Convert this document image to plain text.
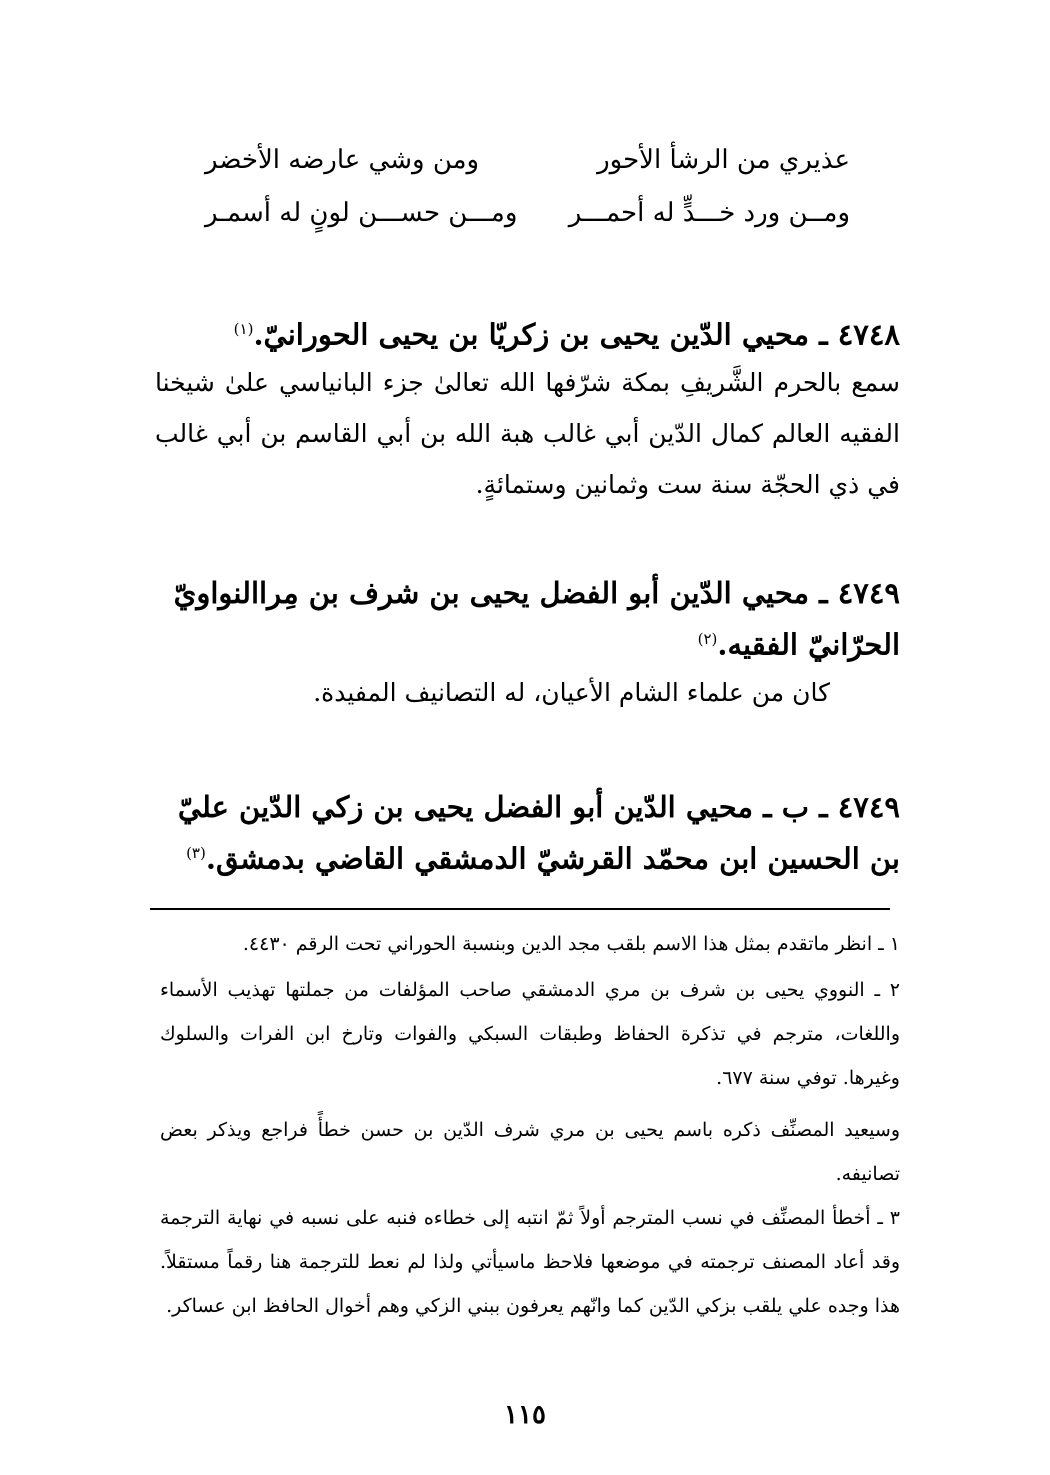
عذيري من الرشأ الأحور
ومن وشي عارضه الأخضر
ومــن ورد خـــدٍّ له أحمـــر
ومـــن حســـن لونٍ له أسمـر
٤٧٤٨ ـ محيي الدّين يحيى بن زكريّا بن يحيى الحورانيّ.$^{(١)}$
سمع بالحرم الشَّريفِ بمكة شرّفها الله تعالىٰ جزء البانياسي علىٰ شيخنا الفقيه العالم كمال الدّين أبي غالب هبة الله بن أبي القاسم بن أبي غالب في ذي الحجّة سنة ست وثمانين وستمائةٍ.
٤٧٤٩ ـ محيي الدّين أبو الفضل يحيى بن شرف بن مِراالنواويّ الحرّانيّ الفقيه.$^{(٢)}$
كان من علماء الشام الأعيان، له التصانيف المفيدة.
٤٧٤٩ ـ ب ـ محيي الدّين أبو الفضل يحيى بن زكي الدّين عليّ بن الحسين ابن محمّد القرشيّ الدمشقي القاضي بدمشق.$^{(٣)}$
١ ـ انظر ماتقدم بمثل هذا الاسم بلقب مجد الدين وبنسبة الحوراني تحت الرقم ٤٤٣٠.
٢ ـ النووي يحيى بن شرف بن مري الدمشقي صاحب المؤلفات من جملتها تهذيب الأسماء واللغات، مترجم في تذكرة الحفاظ وطبقات السبكي والفوات وتارخ ابن الفرات والسلوك وغيرها. توفي سنة ٦٧٧.
وسيعيد المصنِّف ذكره باسم يحيى بن مري شرف الدّين بن حسن خطأً فراجع ويذكر بعض تصانيفه.
٣ ـ أخطأ المصنِّف في نسب المترجم أولاً ثمّ انتبه إلى خطاءه فنبه على نسبه في نهاية الترجمة وقد أعاد المصنف ترجمته في موضعها فلاحظ ماسيأتي ولذا لم نعط للترجمة هنا رقماً مستقلاً. هذا وجده علي يلقب بزكي الدّين كما وانّهم يعرفون ببني الزكي وهم أخوال الحافظ ابن عساكر.
١١٥
